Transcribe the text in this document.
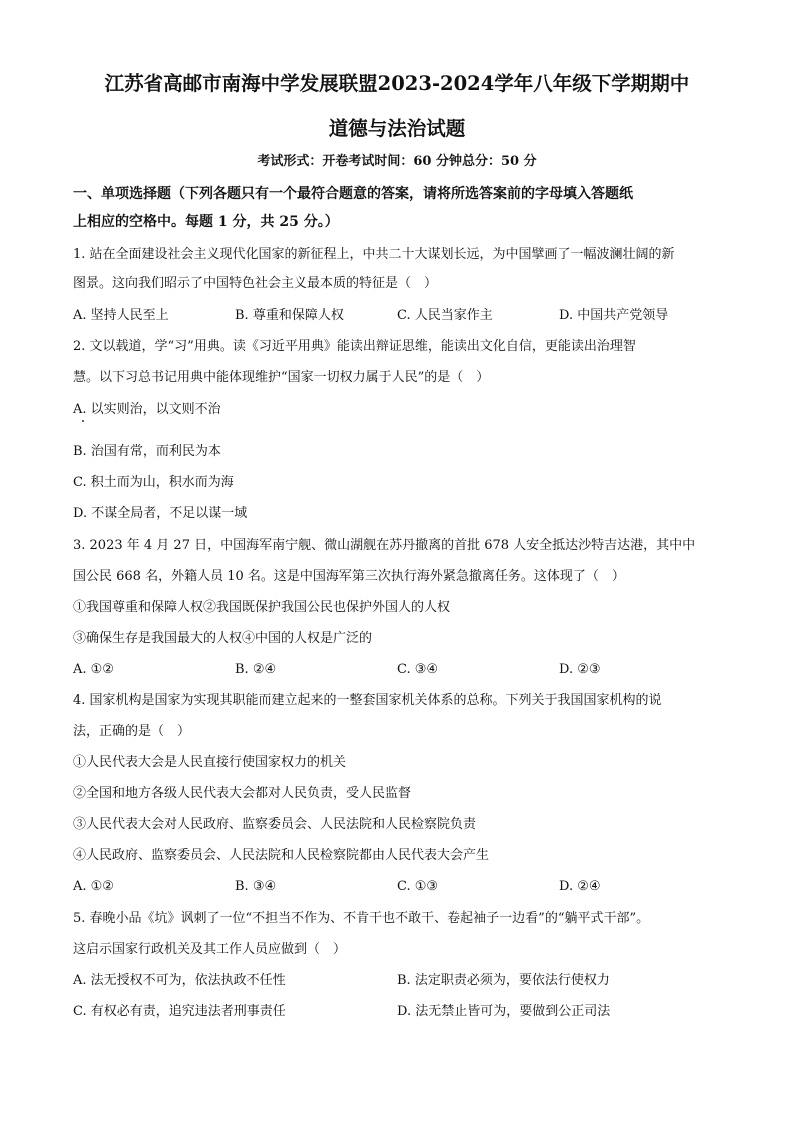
江苏省高邮市南海中学发展联盟2023-2024学年八年级下学期期中
道德与法治试题
考试形式：开卷考试时间：60 分钟总分：50 分
一、单项选择题（下列各题只有一个最符合题意的答案，请将所选答案前的字母填入答题纸
上相应的空格中。每题 1 分，共 25 分。）
1. 站在全面建设社会主义现代化国家的新征程上，中共二十大谋划长远，为中国擘画了一幅波澜壮阔的新
图景。这向我们昭示了中国特色社会主义最本质的特征是（　）
A. 坚持人民至上	B. 尊重和保障人权	C. 人民当家作主	D. 中国共产党领导
2. 文以载道，学“习”用典。读《习近平用典》能读出辩证思维，能读出文化自信，更能读出治理智
慧。以下习总书记用典中能体现维护“国家一切权力属于人民”的是（　）
A. 以实则治，以文则不治
B. 治国有常，而利民为本
C. 积土而为山，积水而为海
D. 不谋全局者，不足以谋一域
3. 2023 年 4 月 27 日，中国海军南宁舰、微山湖舰在苏丹撤离的首批 678 人安全抵达沙特吉达港，其中中
国公民 668 名，外籍人员 10 名。这是中国海军第三次执行海外紧急撤离任务。这体现了（　）
①我国尊重和保障人权②我国既保护我国公民也保护外国人的人权
③确保生存是我国最大的人权④中国的人权是广泛的
A. ①②	B. ②④	C. ③④	D. ②③
4. 国家机构是国家为实现其职能而建立起来的一整套国家机关体系的总称。下列关于我国国家机构的说
法，正确的是（　）
①人民代表大会是人民直接行使国家权力的机关
②全国和地方各级人民代表大会都对人民负责，受人民监督
③人民代表大会对人民政府、监察委员会、人民法院和人民检察院负责
④人民政府、监察委员会、人民法院和人民检察院都由人民代表大会产生
A. ①②	B. ③④	C. ①③	D. ②④
5. 春晚小品《坑》讽刺了一位“不担当不作为、不肯干也不敢干、卷起袖子一边看”的“躺平式干部”。
这启示国家行政机关及其工作人员应做到（　）
A. 法无授权不可为，依法执政不任性	B. 法定职责必须为，要依法行使权力
C. 有权必有责，追究违法者刑事责任	D. 法无禁止皆可为，要做到公正司法
